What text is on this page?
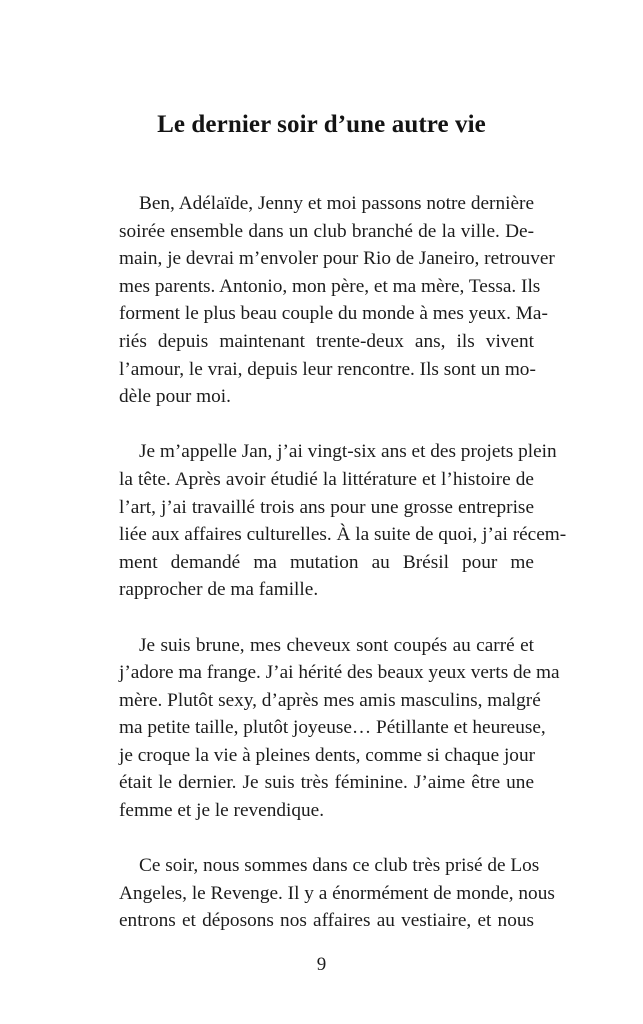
Le dernier soir d’une autre vie

Ben, Adélaïde, Jenny et moi passons notre dernière
soirée ensemble dans un club branché de la ville. De-
main, je devrai m’envoler pour Rio de Janeiro, retrouver
mes parents. Antonio, mon père, et ma mère, Tessa. Ils
forment le plus beau couple du monde à mes yeux. Ma-
riés depuis maintenant trente-deux ans, ils vivent
l’amour, le vrai, depuis leur rencontre. Ils sont un mo-
dèle pour moi.

Je m’appelle Jan, j’ai vingt-six ans et des projets plein
la tête. Après avoir étudié la littérature et l’histoire de
l’art, j’ai travaillé trois ans pour une grosse entreprise
liée aux affaires culturelles. À la suite de quoi, j’ai récem-
ment demandé ma mutation au Brésil pour me
rapprocher de ma famille.

Je suis brune, mes cheveux sont coupés au carré et
j’adore ma frange. J’ai hérité des beaux yeux verts de ma
mère. Plutôt sexy, d’après mes amis masculins, malgré
ma petite taille, plutôt joyeuse… Pétillante et heureuse,
je croque la vie à pleines dents, comme si chaque jour
était le dernier. Je suis très féminine. J’aime être une
femme et je le revendique.

Ce soir, nous sommes dans ce club très prisé de Los
Angeles, le Revenge. Il y a énormément de monde, nous
entrons et déposons nos affaires au vestiaire, et nous

9
